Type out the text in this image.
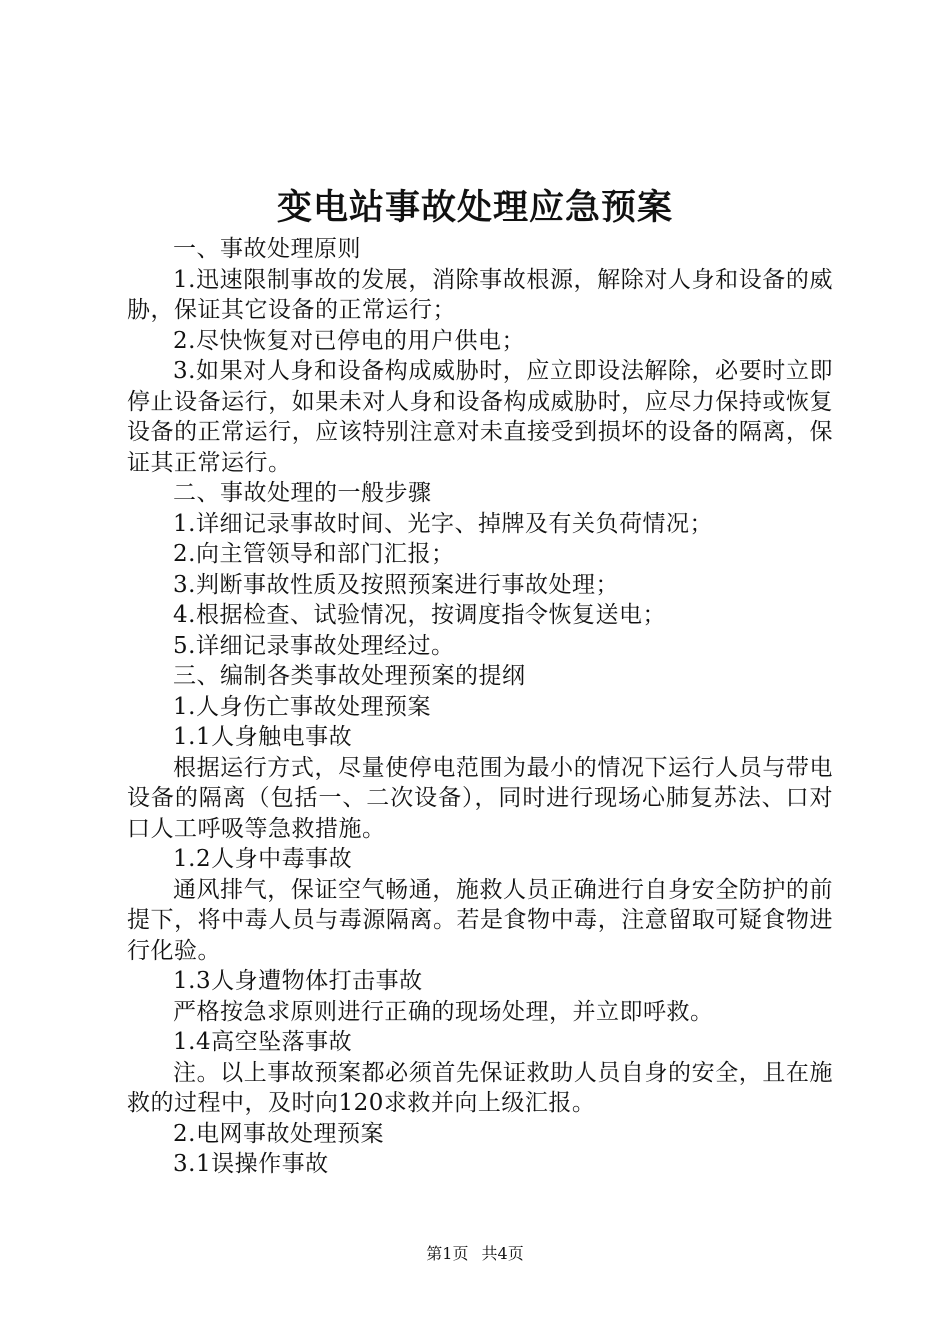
变电站事故处理应急预案

一、事故处理原则

1.迅速限制事故的发展，消除事故根源，解除对人身和设备的威胁，保证其它设备的正常运行；

2.尽快恢复对已停电的用户供电；

3.如果对人身和设备构成威胁时，应立即设法解除，必要时立即停止设备运行，如果未对人身和设备构成威胁时，应尽力保持或恢复设备的正常运行，应该特别注意对未直接受到损坏的设备的隔离，保证其正常运行。

二、事故处理的一般步骤

1.详细记录事故时间、光字、掉牌及有关负荷情况；

2.向主管领导和部门汇报；

3.判断事故性质及按照预案进行事故处理；

4.根据检查、试验情况，按调度指令恢复送电；

5.详细记录事故处理经过。

三、编制各类事故处理预案的提纲

1.人身伤亡事故处理预案

1.1人身触电事故

根据运行方式，尽量使停电范围为最小的情况下运行人员与带电设备的隔离（包括一、二次设备），同时进行现场心肺复苏法、口对口人工呼吸等急救措施。

1.2人身中毒事故

通风排气，保证空气畅通，施救人员正确进行自身安全防护的前提下，将中毒人员与毒源隔离。若是食物中毒，注意留取可疑食物进行化验。

1.3人身遭物体打击事故

严格按急求原则进行正确的现场处理，并立即呼救。

1.4高空坠落事故

注。以上事故预案都必须首先保证救助人员自身的安全，且在施救的过程中，及时向120求救并向上级汇报。

2.电网事故处理预案

3.1误操作事故

第1页 共4页
